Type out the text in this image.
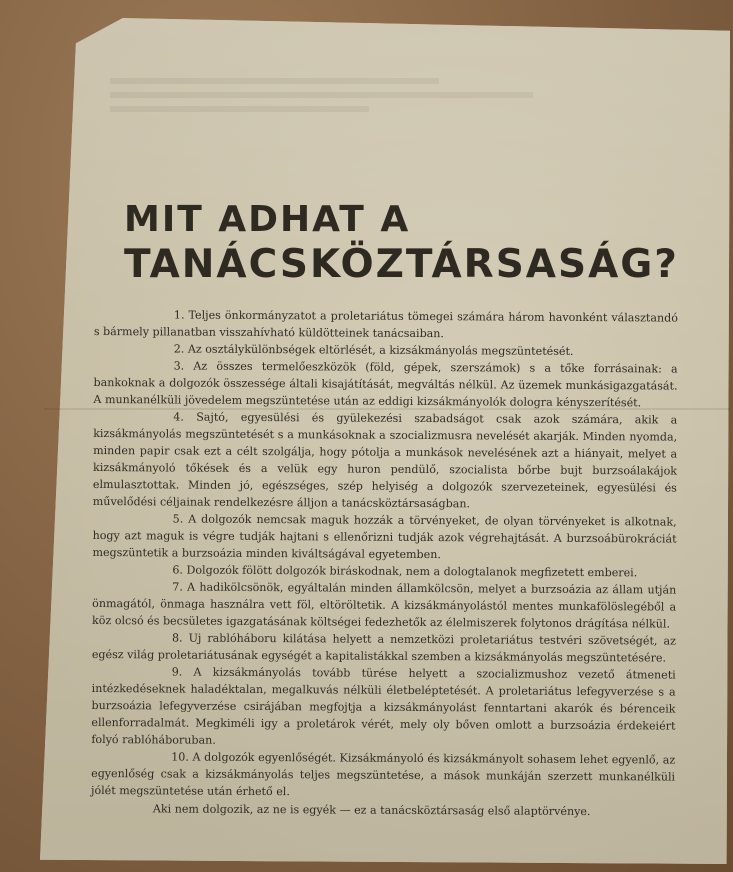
MIT ADHAT A
TANÁCSKÖZTÁRSASÁG?

1. Teljes önkormányzatot a proletariátus tömegei számára három havonként választandó s bármely pillanatban visszahívható küldötteinek tanácsaiban.

2. Az osztálykülönbségek eltörlését, a kizsákmányolás megszüntetését.

3. Az összes termelőeszközök (föld, gépek, szerszámok) s a tőke forrásainak: a bankoknak a dolgozók összessége általi kisajátítását, megváltás nélkül. Az üzemek munkásigazgatását. A munkanélküli jövedelem megszüntetése után az eddigi kizsákmányolók dologra kényszerítését.

4. Sajtó, egyesülési és gyülekezési szabadságot csak azok számára, akik a kizsákmányolás megszüntetését s a munkásoknak a szocializmusra nevelését akarják. Minden nyomda, minden papir csak ezt a célt szolgálja, hogy pótolja a munkások nevelésének azt a hiányait, melyet a kizsákmányoló tőkések és a velük egy huron pendülő, szocialista bőrbe bujt burzsoálakájok elmulasztottak. Minden jó, egészséges, szép helyiség a dolgozók szervezeteinek, egyesülési és művelődési céljainak rendelkezésre álljon a tanácsköztársaságban.

5. A dolgozók nemcsak maguk hozzák a törvényeket, de olyan törvényeket is alkotnak, hogy azt maguk is végre tudják hajtani s ellenőrizni tudják azok végrehajtását. A burzsoábürokráciát megszüntetik a burzsoázia minden kiváltságával egyetemben.

6. Dolgozók fölött dolgozók biráskodnak, nem a dologtalanok megfizetett emberei.

7. A hadikölcsönök, egyáltalán minden államkölcsön, melyet a burzsoázia az állam utján önmagától, önmaga használra vett föl, eltöröltetik. A kizsákmányolástól mentes munkafölöslegéből a köz olcsó és becsületes igazgatásának költségei fedezhetők az élelmiszerek folytonos drágítása nélkül.

8. Uj rablóháboru kilátása helyett a nemzetközi proletariátus testvéri szövetségét, az egész világ proletariátusának egységét a kapitalistákkal szemben a kizsákmányolás megszüntetésére.

9. A kizsákmányolás tovább türése helyett a szocializmushoz vezető átmeneti intézkedéseknek haladéktalan, megalkuvás nélküli életbeléptetését. A proletariátus lefegyverzése s a burzsoázia lefegyverzése csirájában megfojtja a kizsákmányolást fenntartani akarók és bérenceik ellenforradalmát. Megkiméli igy a proletárok vérét, mely oly bőven omlott a burzsoázia érdekeiért folyó rablóháboruban.

10. A dolgozók egyenlőségét. Kizsákmányoló és kizsákmányolt sohasem lehet egyenlő, az egyenlőség csak a kizsákmányolás teljes megszüntetése, a mások munkáján szerzett munkanélküli jólét megszüntetése után érhető el.

Aki nem dolgozik, az ne is egyék — ez a tanácsköztársaság első alaptörvénye.
